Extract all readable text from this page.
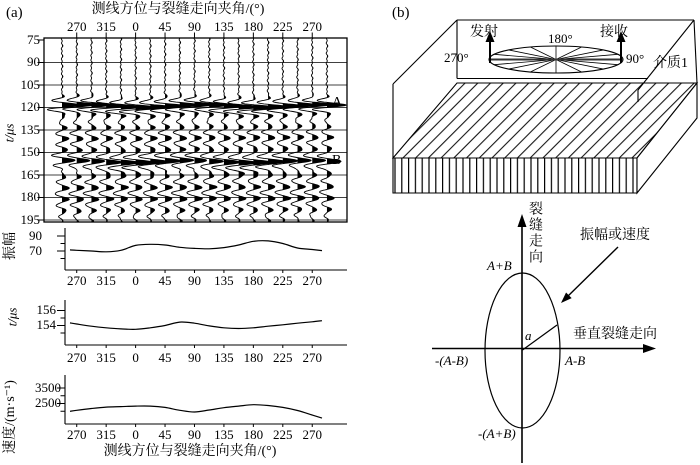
(a)	测线方位与裂缝走向夹角/(°)
t/μs
A
B
振幅
t/μs
速度/(m·s⁻¹)	测线方位与裂缝走向夹角/(°)
(b)
发射	接收
180°
270°	90° 介质1
裂缝走向	振幅或速度
垂直裂缝走向
A+B
-(A+B)
A-B
-(A-B)
a
270 315 0 45 90 135 180 225 270
75
90
105
120
135
150
165
180
195
90
70
270 315 0 45 90 135 180 225 270
156
154
270 315 0 45 90 135 180 225 270
3500
2500
270 315 0 45 90 135 180 225 270
